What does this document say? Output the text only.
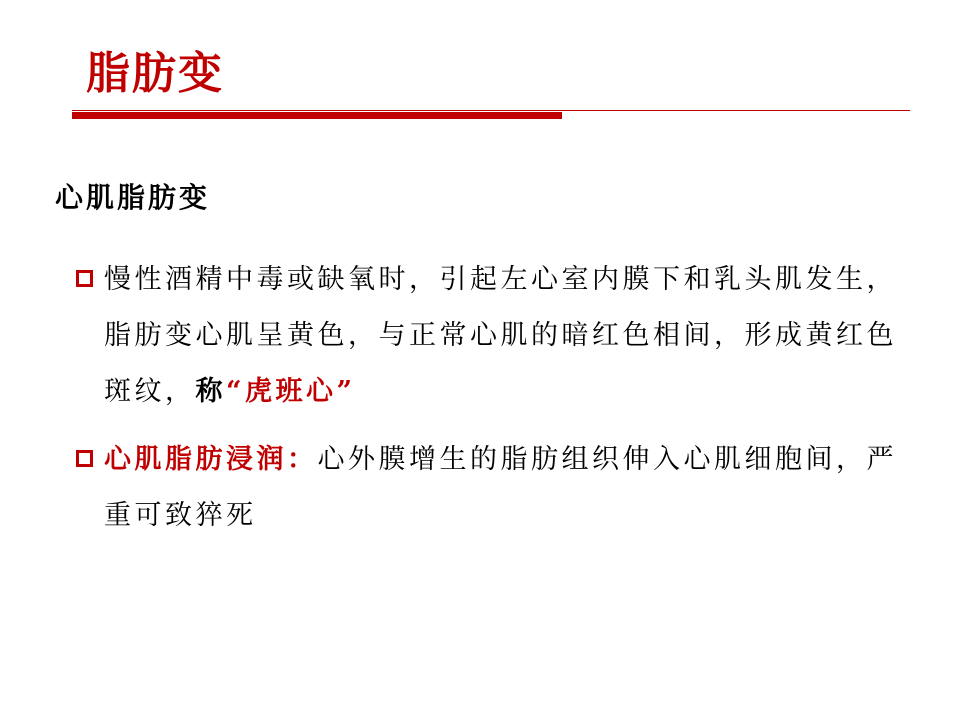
脂肪变
心肌脂肪变
慢性酒精中毒或缺氧时，引起左心室内膜下和乳头肌发生，脂肪变心肌呈黄色，与正常心肌的暗红色相间，形成黄红色斑纹，称“虎班心”
心肌脂肪浸润：心外膜增生的脂肪组织伸入心肌细胞间，严重可致猝死
